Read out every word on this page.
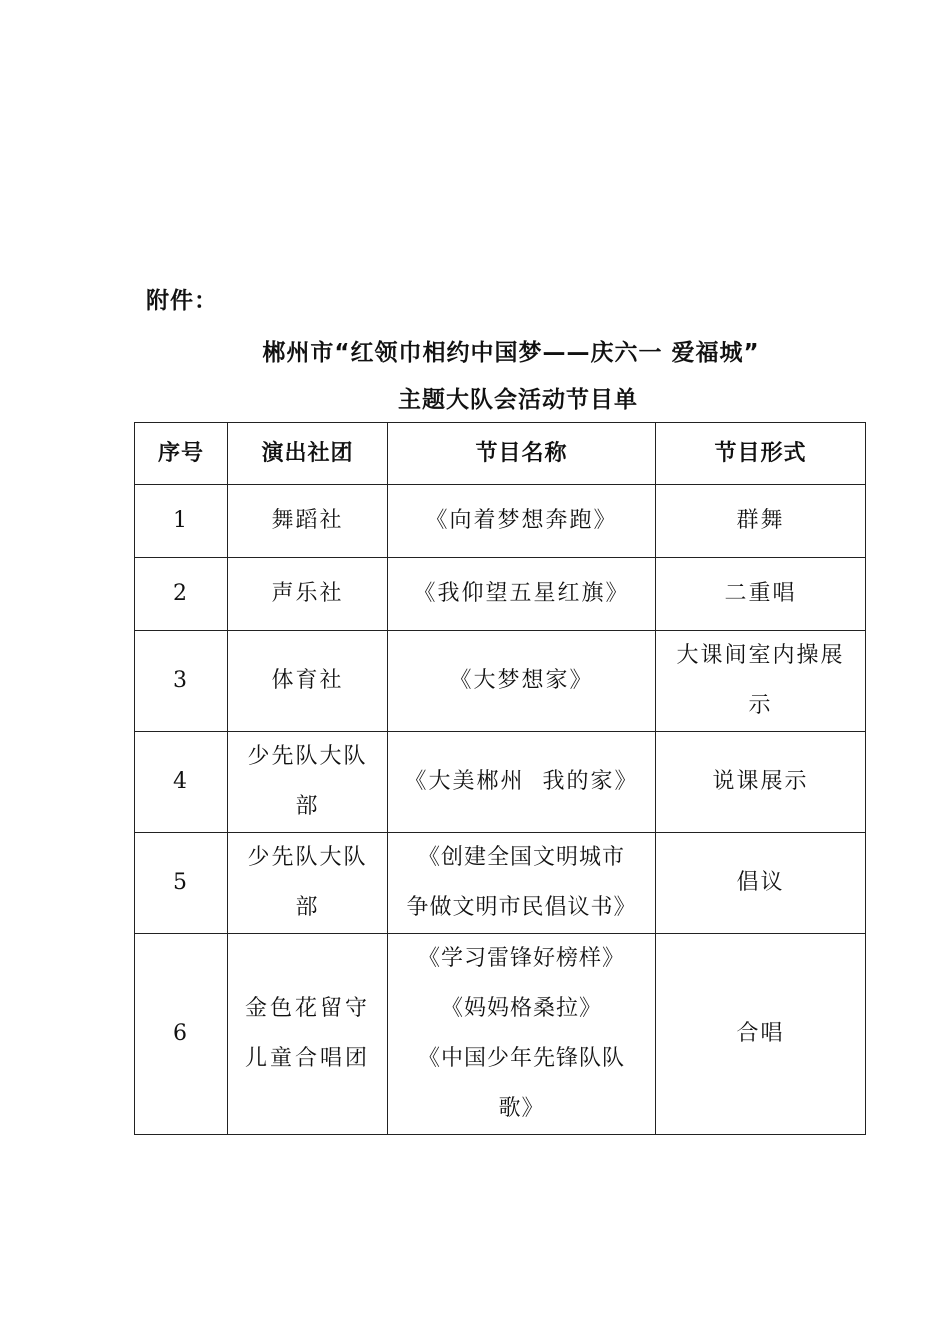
附件：
郴州市“红领巾相约中国梦——庆六一 爱福城”
主题大队会活动节目单
序号	演出社团	节目名称	节目形式
1	舞蹈社	《向着梦想奔跑》	群舞

2	声乐社	《我仰望五星红旗》	二重唱

3	体育社	《大梦想家》	大课间室内操展
示

4	少先队大队
部	《大美郴州  我的家》	说课展示

5	少先队大队
部	《创建全国文明城市
争做文明市民倡议书》	倡议

6	金色花留守
儿童合唱团	《学习雷锋好榜样》
《妈妈格桑拉》
《中国少年先锋队队
歌》	合唱
